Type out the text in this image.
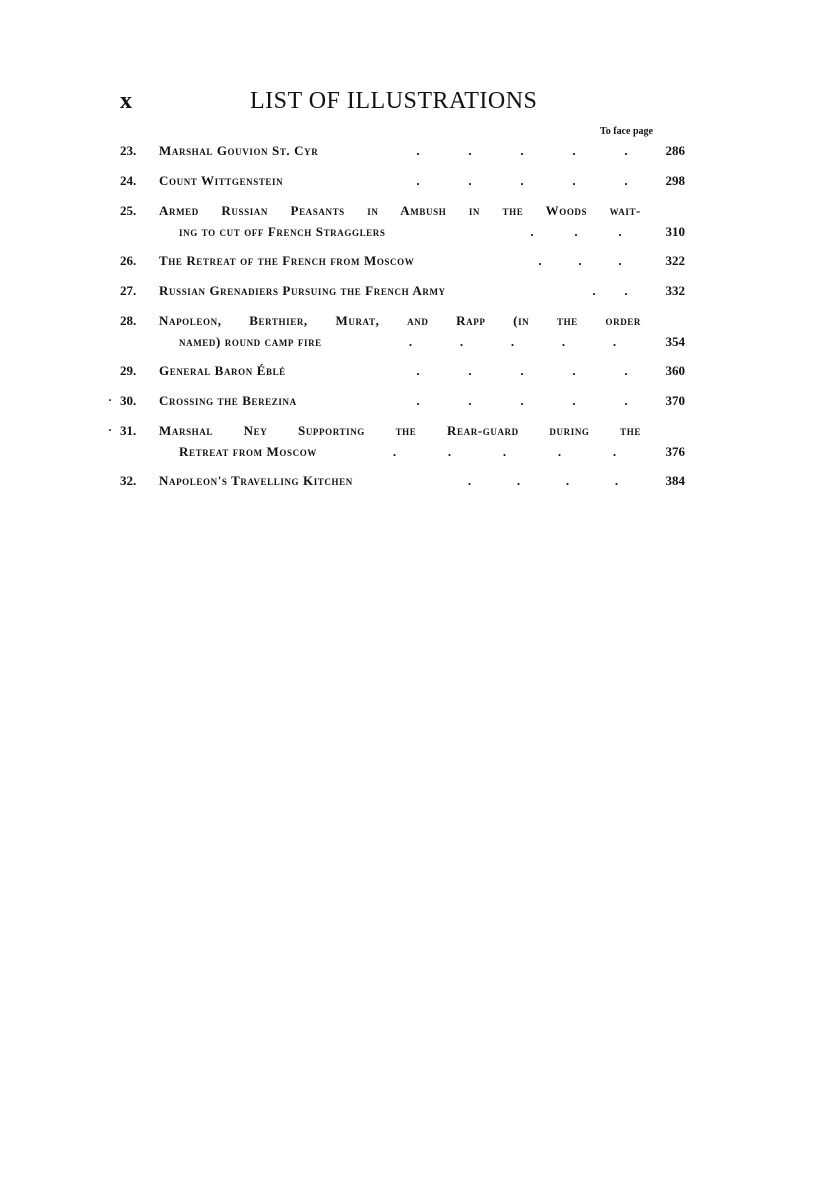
x	LIST OF ILLUSTRATIONS
To face page
23. Marshal Gouvion St. Cyr	.	.	.	.	.	286
24. Count Wittgenstein	.	.	.	.	.	298
25. Armed Russian Peasants in Ambush in the Woods wait-
ing to cut off French Stragglers	.	.	.	310
26. The Retreat of the French from Moscow	.	.	.	322
27. Russian Grenadiers Pursuing the French Army	. .	332
28. Napoleon, Berthier, Murat, and Rapp (in the order
named) round camp fire	.	.	.	.	.	354
29. General Baron Éblé	.	.	.	.	.	360
· 30. Crossing the Berezina	.	.	.	.	.	370
· 31. Marshal Ney Supporting the Rear-guard during the
Retreat from Moscow	.	.	.	.	.	376
32. Napoleon's Travelling Kitchen	.	.	.	.	384
